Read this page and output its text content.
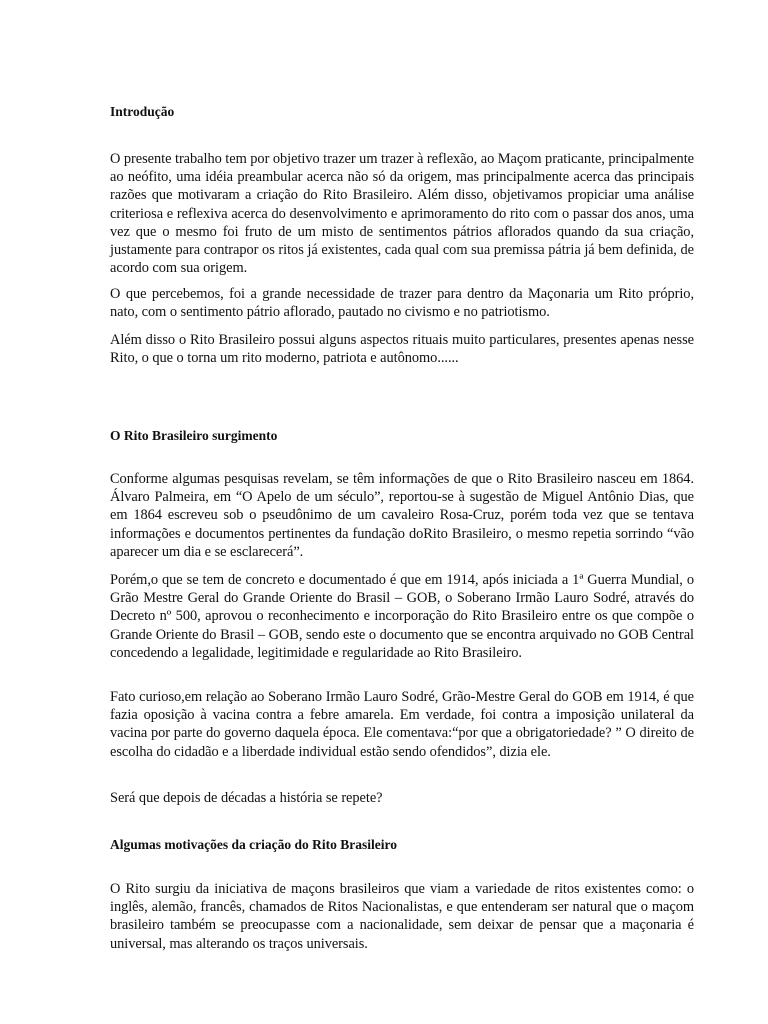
Introdução

O presente trabalho tem por objetivo trazer um trazer à reflexão, ao Maçom praticante, principalmente ao neófito, uma idéia preambular acerca não só da origem, mas principalmente acerca das principais razões que motivaram a criação do Rito Brasileiro. Além disso, objetivamos propiciar uma análise criteriosa e reflexiva acerca do desenvolvimento e aprimoramento do rito com o passar dos anos, uma vez que o mesmo foi fruto de um misto de sentimentos pátrios aflorados quando da sua criação, justamente para contrapor os ritos já existentes, cada qual com sua premissa pátria já bem definida, de acordo com sua origem.

O que percebemos, foi a grande necessidade de trazer para dentro da Maçonaria um Rito próprio, nato, com o sentimento pátrio aflorado, pautado no civismo e no patriotismo.

Além disso o Rito Brasileiro possui alguns aspectos rituais muito particulares, presentes apenas nesse Rito, o que o torna um rito moderno, patriota e autônomo......

O Rito Brasileiro surgimento

Conforme algumas pesquisas revelam, se têm informações de que o Rito Brasileiro nasceu em 1864. Álvaro Palmeira, em “O Apelo de um século”, reportou-se à sugestão de Miguel Antônio Dias, que em 1864 escreveu sob o pseudônimo de um cavaleiro Rosa-Cruz, porém toda vez que se tentava informações e documentos pertinentes da fundação doRito Brasileiro, o mesmo repetia sorrindo “vão aparecer um dia e se esclarecerá”.

Porém,o que se tem de concreto e documentado é que em 1914, após iniciada a 1ª Guerra Mundial, o Grão Mestre Geral do Grande Oriente do Brasil – GOB, o Soberano Irmão Lauro Sodré, através do Decreto nº 500, aprovou o reconhecimento e incorporação do Rito Brasileiro entre os que compõe o Grande Oriente do Brasil – GOB, sendo este o documento que se encontra arquivado no GOB Central concedendo a legalidade, legitimidade e regularidade ao Rito Brasileiro.

Fato curioso,em relação ao Soberano Irmão Lauro Sodré, Grão-Mestre Geral do GOB em 1914, é que fazia oposição à vacina contra a febre amarela. Em verdade, foi contra a imposição unilateral da vacina por parte do governo daquela época. Ele comentava:“por que a obrigatoriedade? ” O direito de escolha do cidadão e a liberdade individual estão sendo ofendidos”, dizia ele.

Será que depois de décadas a história se repete?

Algumas motivações da criação do Rito Brasileiro

O Rito surgiu da iniciativa de maçons brasileiros que viam a variedade de ritos existentes como: o inglês, alemão, francês, chamados de Ritos Nacionalistas, e que entenderam ser natural que o maçom brasileiro também se preocupasse com a nacionalidade, sem deixar de pensar que a maçonaria é universal, mas alterando os traços universais.
